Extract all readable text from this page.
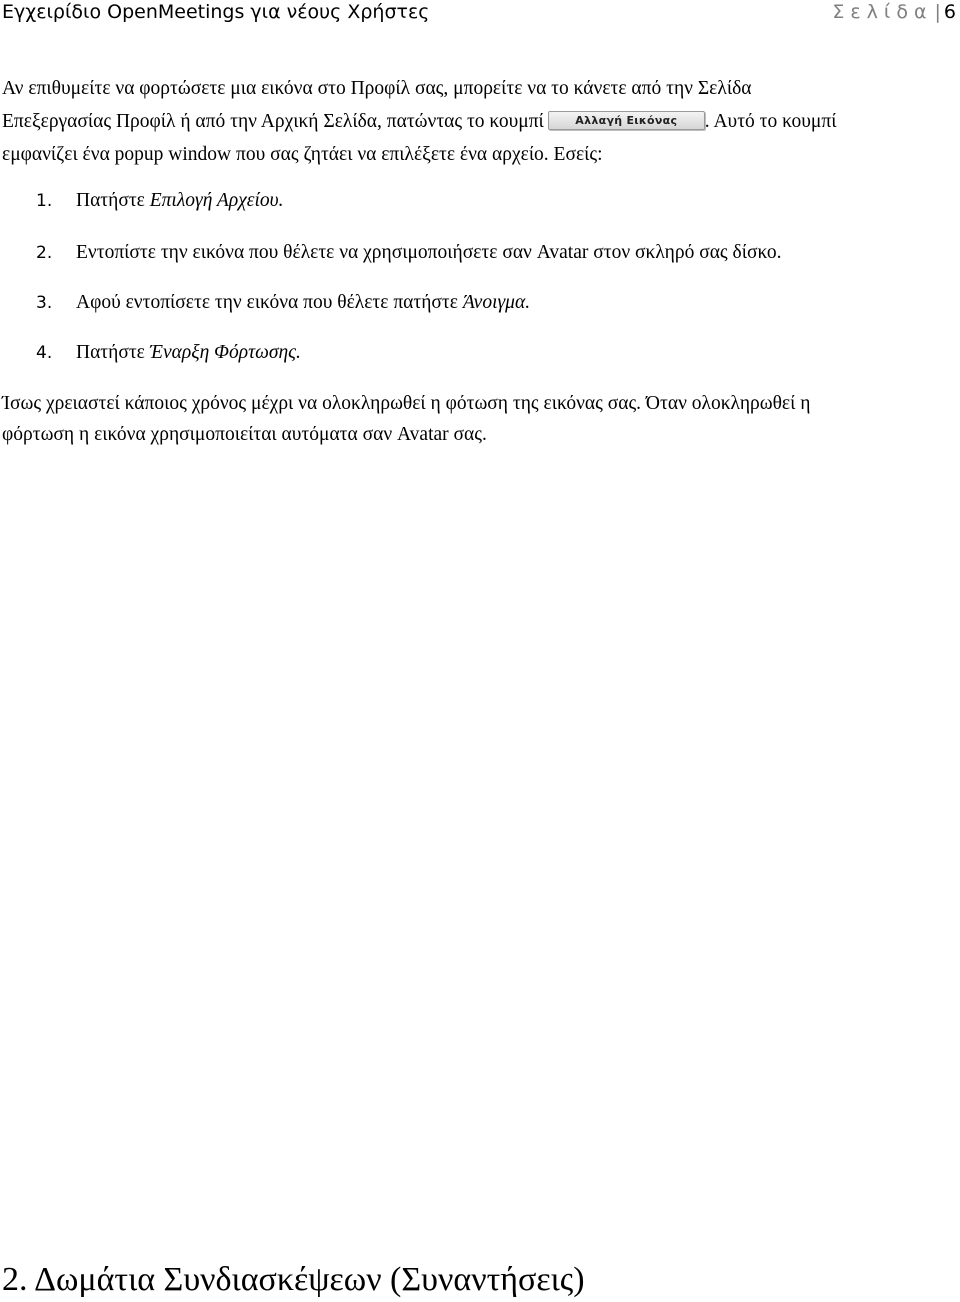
Εγχειρίδιο OpenMeetings για νέους Χρήστες	Σελίδα | 6
Αν επιθυμείτε να φορτώσετε μια εικόνα στο Προφίλ σας, μπορείτε να το κάνετε από την Σελίδα
Επεξεργασίας Προφίλ ή από την Αρχική Σελίδα, πατώντας το κουμπί	Αλλαγή Εικόνας . Αυτό το κουμπί
εμφανίζει ένα popup window που σας ζητάει να επιλέξετε ένα αρχείο. Εσείς:
1. Πατήστε Επιλογή Αρχείου.
2. Εντοπίστε την εικόνα που θέλετε να χρησιμοποιήσετε σαν Avatar στον σκληρό σας δίσκο.
3. Αφού εντοπίσετε την εικόνα που θέλετε πατήστε Άνοιγμα.
4. Πατήστε Έναρξη Φόρτωσης.
Ίσως χρειαστεί κάποιος χρόνος μέχρι να ολοκληρωθεί η φότωση της εικόνας σας. Όταν ολοκληρωθεί η
φόρτωση η εικόνα χρησιμοποιείται αυτόματα σαν Avatar σας.
2. Δωμάτια Συνδιασκέψεων (Συναντήσεις)
